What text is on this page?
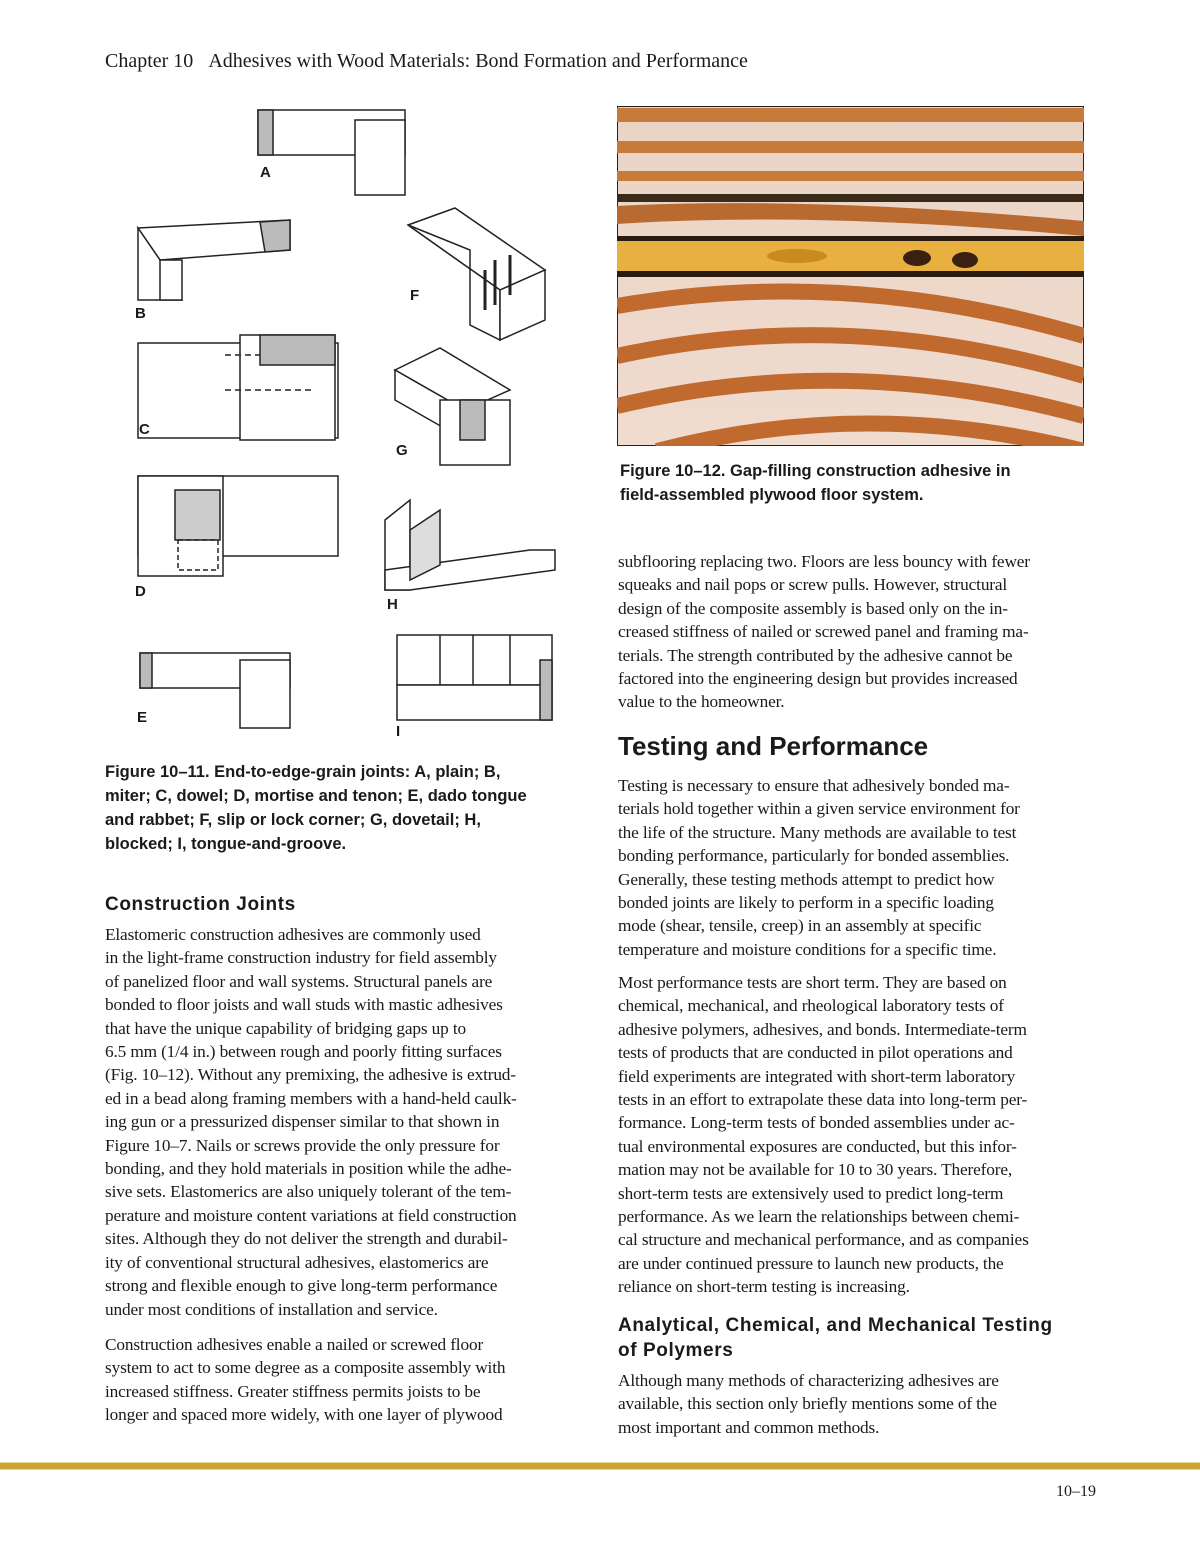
Chapter 10 Adhesives with Wood Materials: Bond Formation and Performance
A
B
C
D
E
F
G
H
I
Figure 10–11. End-to-edge-grain joints: A, plain; B,
miter; C, dowel; D, mortise and tenon; E, dado tongue
and rabbet; F, slip or lock corner; G, dovetail; H,
blocked; I, tongue-and-groove.
Construction Joints
Elastomeric construction adhesives are commonly used
in the light-frame construction industry for field assembly
of panelized floor and wall systems. Structural panels are
bonded to floor joists and wall studs with mastic adhesives
that have the unique capability of bridging gaps up to
6.5 mm (1/4 in.) between rough and poorly fitting surfaces
(Fig. 10–12). Without any premixing, the adhesive is extrud-
ed in a bead along framing members with a hand-held caulk-
ing gun or a pressurized dispenser similar to that shown in
Figure 10–7. Nails or screws provide the only pressure for
bonding, and they hold materials in position while the adhe-
sive sets. Elastomerics are also uniquely tolerant of the tem-
perature and moisture content variations at field construction
sites. Although they do not deliver the strength and durabil-
ity of conventional structural adhesives, elastomerics are
strong and flexible enough to give long-term performance
under most conditions of installation and service.
Construction adhesives enable a nailed or screwed floor
system to act to some degree as a composite assembly with
increased stiffness. Greater stiffness permits joists to be
longer and spaced more widely, with one layer of plywood
Figure 10–12. Gap-filling construction adhesive in
field-assembled plywood floor system.
subflooring replacing two. Floors are less bouncy with fewer
squeaks and nail pops or screw pulls. However, structural
design of the composite assembly is based only on the in-
creased stiffness of nailed or screwed panel and framing ma-
terials. The strength contributed by the adhesive cannot be
factored into the engineering design but provides increased
value to the homeowner.
Testing and Performance
Testing is necessary to ensure that adhesively bonded ma-
terials hold together within a given service environment for
the life of the structure. Many methods are available to test
bonding performance, particularly for bonded assemblies.
Generally, these testing methods attempt to predict how
bonded joints are likely to perform in a specific loading
mode (shear, tensile, creep) in an assembly at specific
temperature and moisture conditions for a specific time.
Most performance tests are short term. They are based on
chemical, mechanical, and rheological laboratory tests of
adhesive polymers, adhesives, and bonds. Intermediate-term
tests of products that are conducted in pilot operations and
field experiments are integrated with short-term laboratory
tests in an effort to extrapolate these data into long-term per-
formance. Long-term tests of bonded assemblies under ac-
tual environmental exposures are conducted, but this infor-
mation may not be available for 10 to 30 years. Therefore,
short-term tests are extensively used to predict long-term
performance. As we learn the relationships between chemi-
cal structure and mechanical performance, and as companies
are under continued pressure to launch new products, the
reliance on short-term testing is increasing.
Analytical, Chemical, and Mechanical Testing
of Polymers
Although many methods of characterizing adhesives are
available, this section only briefly mentions some of the
most important and common methods.
10–19
